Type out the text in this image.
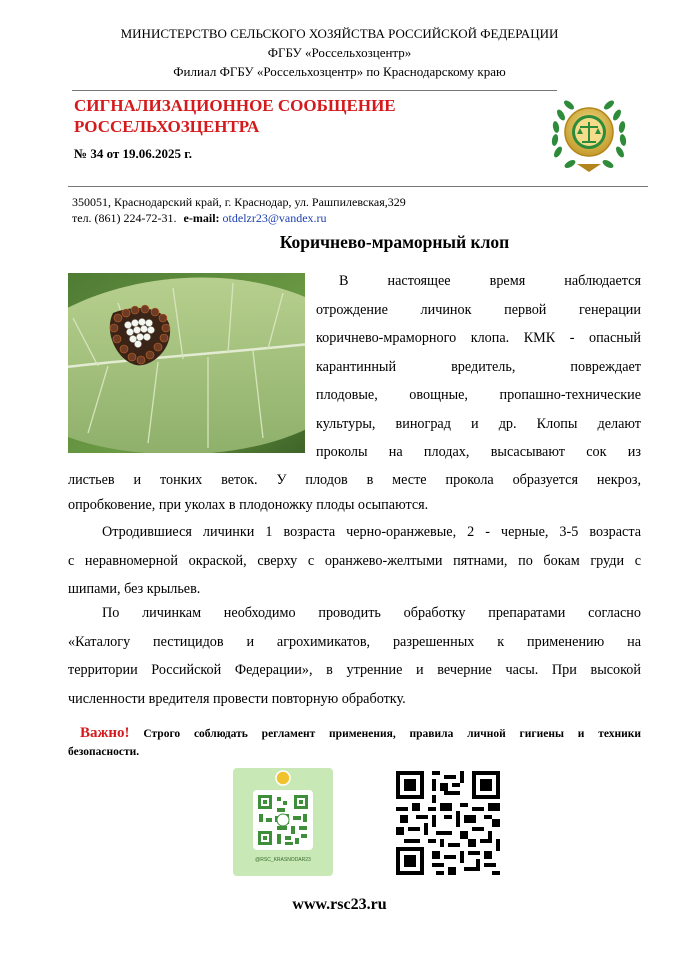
МИНИСТЕРСТВО СЕЛЬСКОГО ХОЗЯЙСТВА РОССИЙСКОЙ ФЕДЕРАЦИИ
ФГБУ «Россельхозцентр»
Филиал ФГБУ «Россельхозцентр» по Краснодарскому краю
СИГНАЛИЗАЦИОННОЕ СООБЩЕНИЕ
РОССЕЛЬХОЗЦЕНТРА
№ 34 от 19.06.2025 г.
350051, Краснодарский край, г. Краснодар, ул. Рашпилевская,329
тел. (861) 224-72-31. e-mail: otdelzr23@vandex.ru
Коричнево-мраморный клоп
В настоящее время наблюдается
отрождение личинок первой генерации
коричнево-мраморного клопа. КМК - опасный
карантинный вредитель, повреждает
плодовые, овощные, пропашно-технические
культуры, виноград и др. Клопы делают
проколы на плодах, высасывают сок из
листьев и тонких веток. У плодов в месте прокола образуется некроз,
опробковение, при уколах в плодоножку плоды осыпаются.
Отродившиеся личинки 1 возраста черно-оранжевые, 2 - черные, 3-5 возраста
с неравномерной окраской, сверху с оранжево-желтыми пятнами, по бокам груди с
шипами, без крыльев.
По личинкам необходимо проводить обработку препаратами согласно
«Каталогу пестицидов и агрохимикатов, разрешенных к применению на
территории Российской Федерации», в утренние и вечерние часы. При высокой
численности вредителя провести повторную обработку.
Важно! Строго соблюдать регламент применения, правила личной гигиены и техники
безопасности.
@RSC_KRASNODAR23
www.rsc23.ru
